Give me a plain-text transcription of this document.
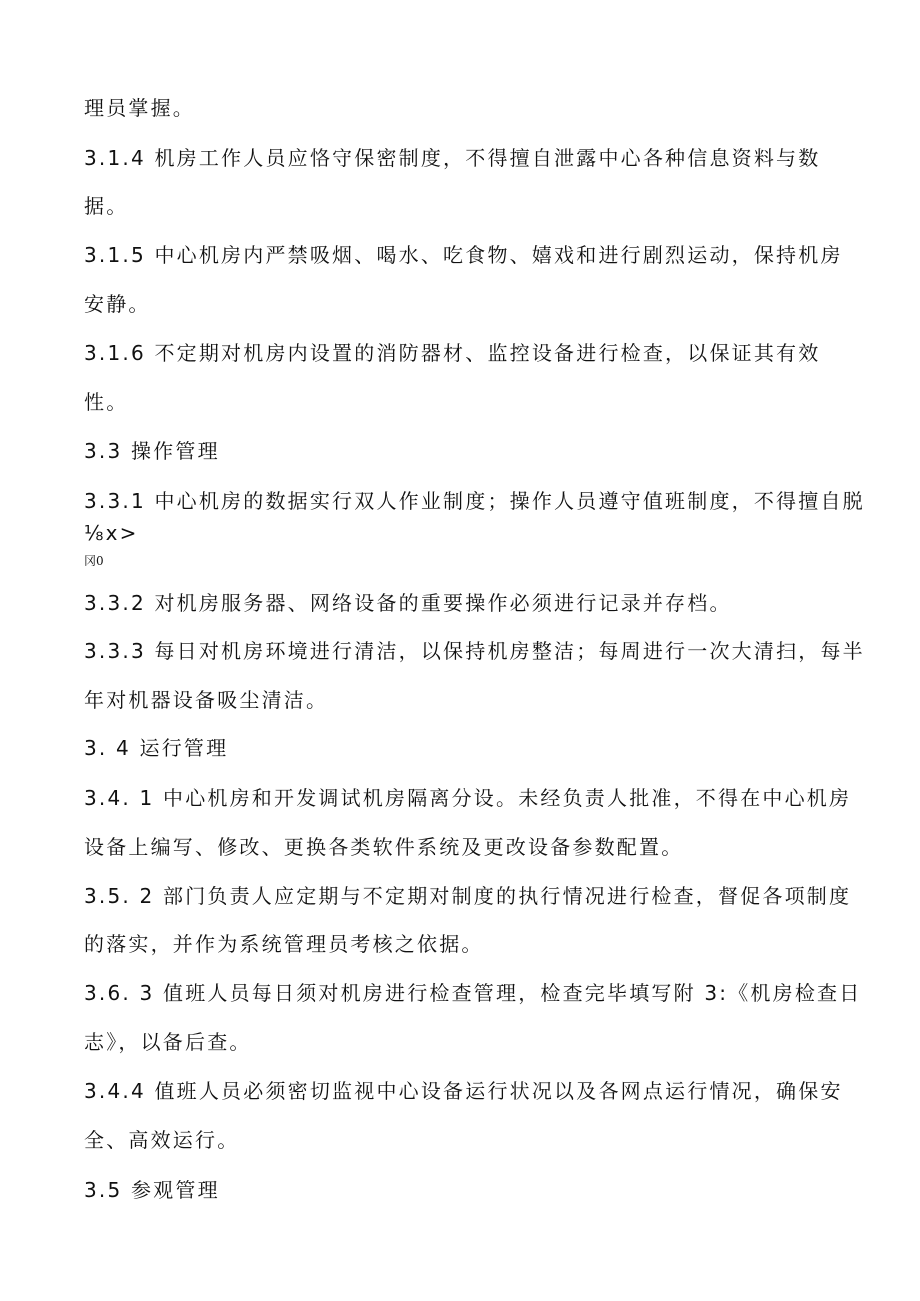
理员掌握。
3.1.4 机房工作人员应恪守保密制度，不得擅自泄露中心各种信息资料与数
据。
3.1.5 中心机房内严禁吸烟、喝水、吃食物、嬉戏和进行剧烈运动，保持机房
安静。
3.1.6 不定期对机房内设置的消防器材、监控设备进行检查，以保证其有效
性。
3.3 操作管理
3.3.1 中心机房的数据实行双人作业制度；操作人员遵守值班制度，不得擅自脱
⅛x>
冈0
3.3.2 对机房服务器、网络设备的重要操作必须进行记录并存档。
3.3.3 每日对机房环境进行清洁，以保持机房整洁；每周进行一次大清扫，每半
年对机器设备吸尘清洁。
3. 4 运行管理
3.4. 1 中心机房和开发调试机房隔离分设。未经负责人批准，不得在中心机房
设备上编写、修改、更换各类软件系统及更改设备参数配置。
3.5. 2 部门负责人应定期与不定期对制度的执行情况进行检查，督促各项制度
的落实，并作为系统管理员考核之依据。
3.6. 3 值班人员每日须对机房进行检查管理，检查完毕填写附 3:《机房检查日
志》，以备后查。
3.4.4 值班人员必须密切监视中心设备运行状况以及各网点运行情况，确保安
全、高效运行。
3.5 参观管理
